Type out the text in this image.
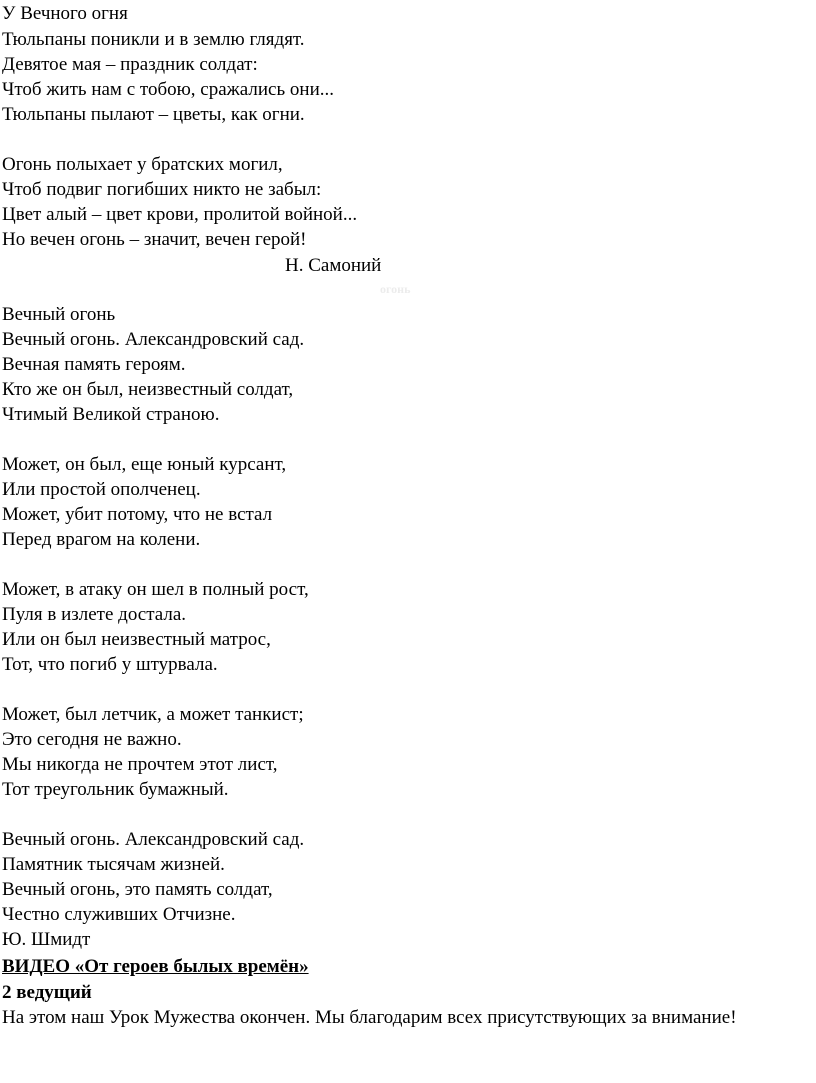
У Вечного огня
Тюльпаны поникли и в землю глядят.
Девятое мая – праздник солдат:
Чтоб жить нам с тобою, сражались они...
Тюльпаны пылают – цветы, как огни.
Огонь полыхает у братских могил,
Чтоб подвиг погибших никто не забыл:
Цвет алый – цвет крови, пролитой войной...
Но вечен огонь – значит, вечен герой!
Н. Самоний
огонь
Вечный огонь
Вечный огонь. Александровский сад.
Вечная память героям.
Кто же он был, неизвестный солдат,
Чтимый Великой страною.
Может, он был, еще юный курсант,
Или простой ополченец.
Может, убит потому, что не встал
Перед врагом на колени.
Может, в атаку он шел в полный рост,
Пуля в излете достала.
Или он был неизвестный матрос,
Тот, что погиб у штурвала.
Может, был летчик, а может танкист;
Это сегодня не важно.
Мы никогда не прочтем этот лист,
Тот треугольник бумажный.
Вечный огонь. Александровский сад.
Памятник тысячам жизней.
Вечный огонь, это память солдат,
Честно служивших Отчизне.
Ю. Шмидт
ВИДЕО «От героев былых времён»
2 ведущий
На этом наш Урок Мужества окончен. Мы благодарим всех присутствующих за внимание!
